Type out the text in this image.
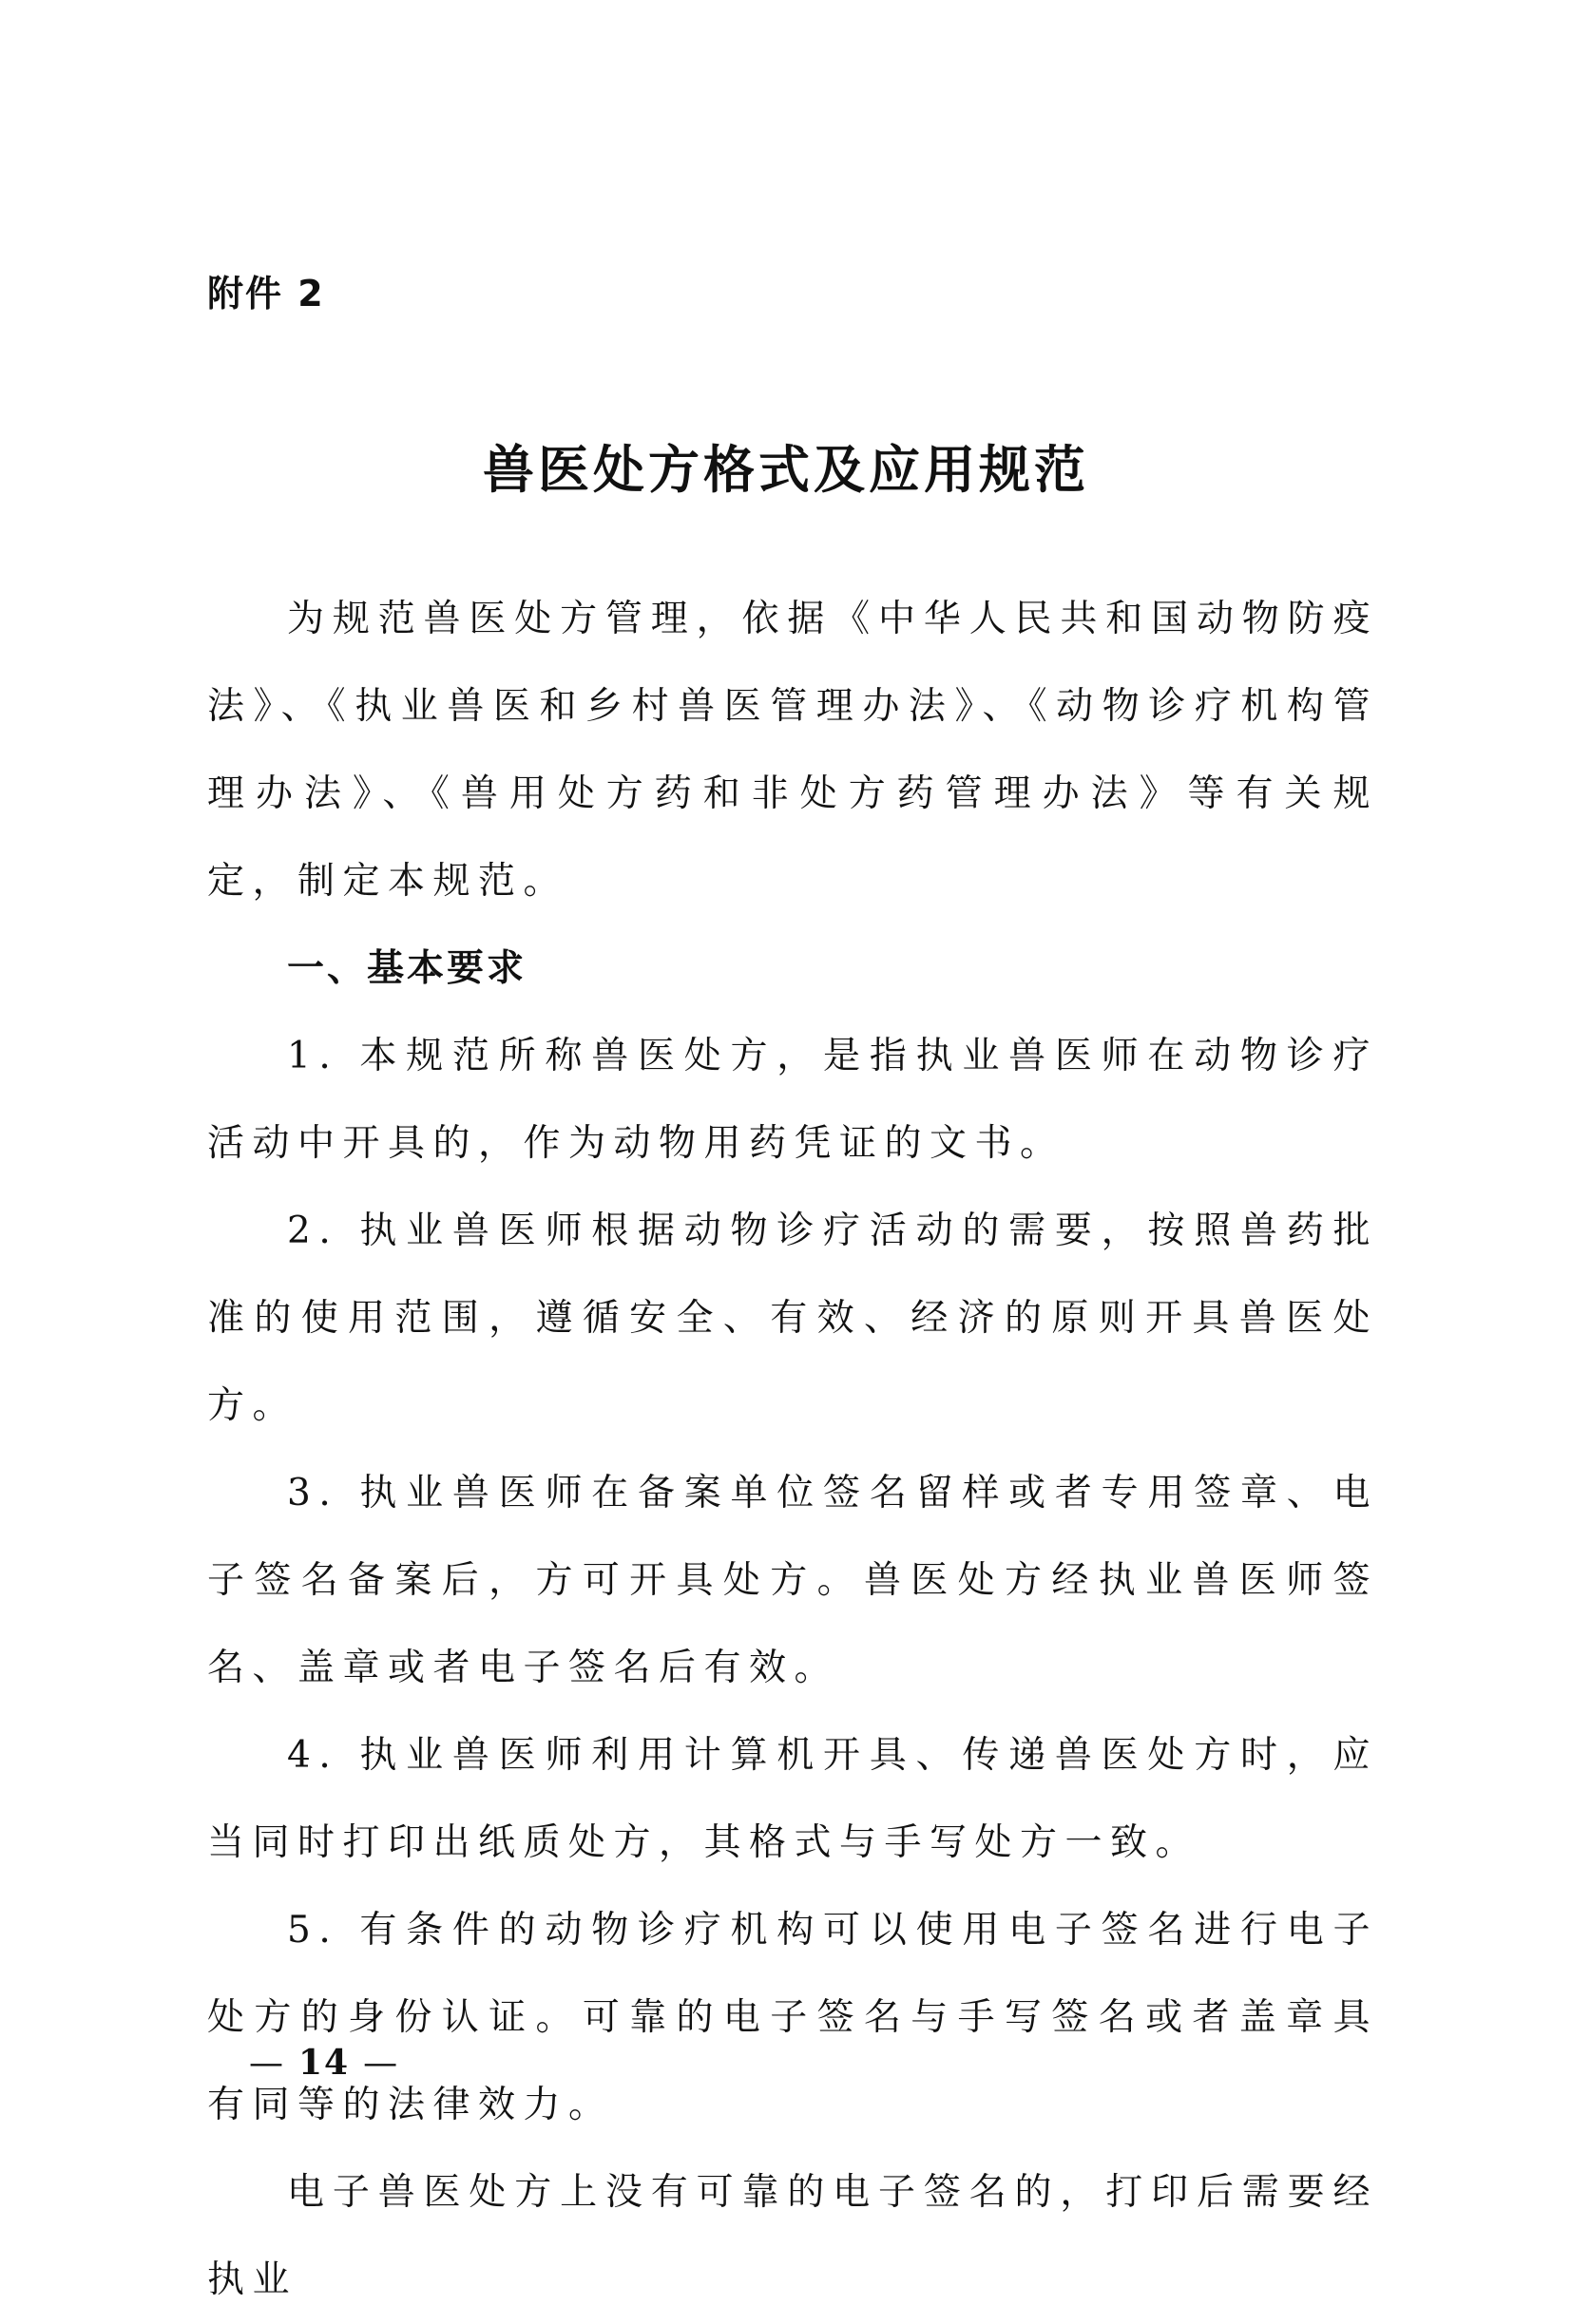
附件 2

兽医处方格式及应用规范

为规范兽医处方管理，依据《中华人民共和国动物防疫法》、《执业兽医和乡村兽医管理办法》、《动物诊疗机构管理办法》、《兽用处方药和非处方药管理办法》等有关规定，制定本规范。

一、基本要求

1. 本规范所称兽医处方，是指执业兽医师在动物诊疗活动中开具的，作为动物用药凭证的文书。

2. 执业兽医师根据动物诊疗活动的需要，按照兽药批准的使用范围，遵循安全、有效、经济的原则开具兽医处方。

3. 执业兽医师在备案单位签名留样或者专用签章、电子签名备案后，方可开具处方。兽医处方经执业兽医师签名、盖章或者电子签名后有效。

4. 执业兽医师利用计算机开具、传递兽医处方时，应当同时打印出纸质处方，其格式与手写处方一致。

5. 有条件的动物诊疗机构可以使用电子签名进行电子处方的身份认证。可靠的电子签名与手写签名或者盖章具有同等的法律效力。

电子兽医处方上没有可靠的电子签名的，打印后需要经执业

— 14 —
